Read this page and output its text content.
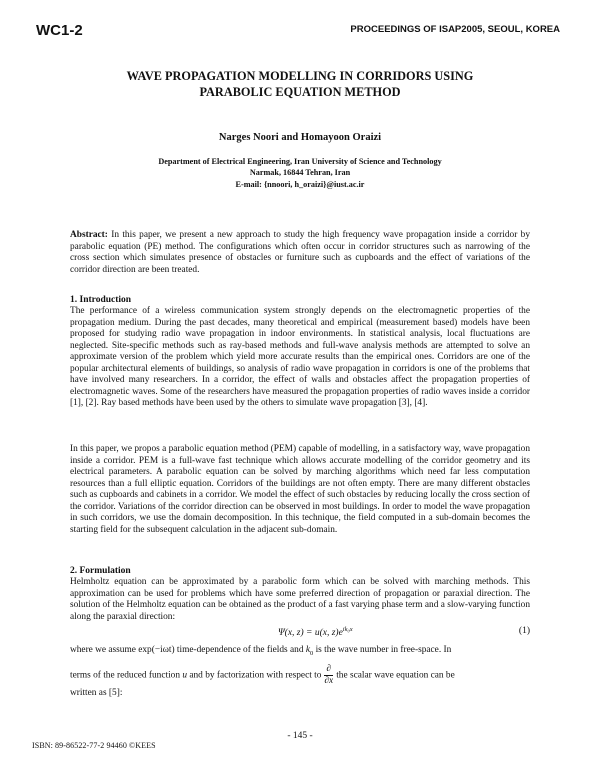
WC1-2	PROCEEDINGS OF ISAP2005, SEOUL, KOREA
WAVE PROPAGATION MODELLING IN CORRIDORS USING
PARABOLIC EQUATION METHOD
Narges Noori and Homayoon Oraizi
Department of Electrical Engineering, Iran University of Science and Technology
Narmak, 16844 Tehran, Iran
E-mail: {nnoori, h_oraizi}@iust.ac.ir
Abstract: In this paper, we present a new approach to study the high frequency wave propagation inside a corridor by parabolic equation (PE) method. The configurations which often occur in corridor structures such as narrowing of the cross section which simulates presence of obstacles or furniture such as cupboards and the effect of variations of the corridor direction are been treated.
1. Introduction
The performance of a wireless communication system strongly depends on the electromagnetic properties of the propagation medium. During the past decades, many theoretical and empirical (measurement based) models have been proposed for studying radio wave propagation in indoor environments. In statistical analysis, local fluctuations are neglected. Site-specific methods such as ray-based methods and full-wave analysis methods are attempted to solve an approximate version of the problem which yield more accurate results than the empirical ones. Corridors are one of the popular architectural elements of buildings, so analysis of radio wave propagation in corridors is one of the problems that have involved many researchers. In a corridor, the effect of walls and obstacles affect the propagation properties of electromagnetic waves. Some of the researchers have measured the propagation properties of radio waves inside a corridor [1], [2]. Ray based methods have been used by the others to simulate wave propagation [3], [4].
In this paper, we propos a parabolic equation method (PEM) capable of modelling, in a satisfactory way, wave propagation inside a corridor. PEM is a full-wave fast technique which allows accurate modelling of the corridor geometry and its electrical parameters. A parabolic equation can be solved by marching algorithms which need far less computation resources than a full elliptic equation. Corridors of the buildings are not often empty. There are many different obstacles such as cupboards and cabinets in a corridor. We model the effect of such obstacles by reducing locally the cross section of the corridor. Variations of the corridor direction can be observed in most buildings. In order to model the wave propagation in such corridors, we use the domain decomposition. In this technique, the field computed in a sub-domain becomes the starting field for the subsequent calculation in the adjacent sub-domain.
2. Formulation
Helmholtz equation can be approximated by a parabolic form which can be solved with marching methods. This approximation can be used for problems which have some preferred direction of propagation or paraxial direction. The solution of the Helmholtz equation can be obtained as the product of a fast varying phase term and a slow-varying function along the paraxial direction:
Ψ(x, z) = u(x, $z)e^{ik_0x}$	(1)
where we assume exp(−iωt) time-dependence of the fields and $k_0$ is the wave number in free-space. In
terms of the reduced function u and by factorization with respect to $\frac{\partial}{\partial x}$ the scalar wave equation can be
written as [5]:
- 145 -
ISBN: 89-86522-77-2 94460 ©KEES
